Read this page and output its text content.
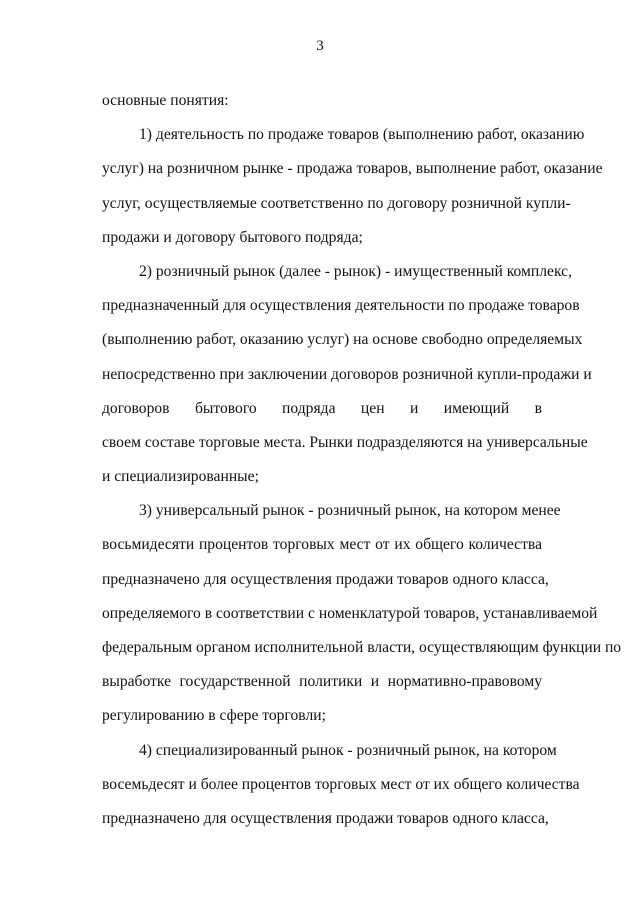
3
основные понятия:
1) деятельность по продаже товаров (выполнению работ, оказанию
услуг) на розничном рынке - продажа товаров, выполнение работ, оказание
услуг, осуществляемые соответственно по договору розничной купли-
продажи и договору бытового подряда;
2) розничный рынок (далее - рынок) - имущественный комплекс,
предназначенный для осуществления деятельности по продаже товаров
(выполнению работ, оказанию услуг) на основе свободно определяемых
непосредственно при заключении договоров розничной купли-продажи и
договоров бытового подряда цен и имеющий в
своем составе торговые места. Рынки подразделяются на универсальные
и специализированные;
3) универсальный рынок - розничный рынок, на котором менее
восьмидесяти процентов торговых мест от их общего количества
предназначено для осуществления продажи товаров одного класса,
определяемого в соответствии с номенклатурой товаров, устанавливаемой
федеральным органом исполнительной власти, осуществляющим функции по
выработке государственной политики и нормативно-правовому
регулированию в сфере торговли;
4) специализированный рынок - розничный рынок, на котором
восемьдесят и более процентов торговых мест от их общего количества
предназначено для осуществления продажи товаров одного класса,
